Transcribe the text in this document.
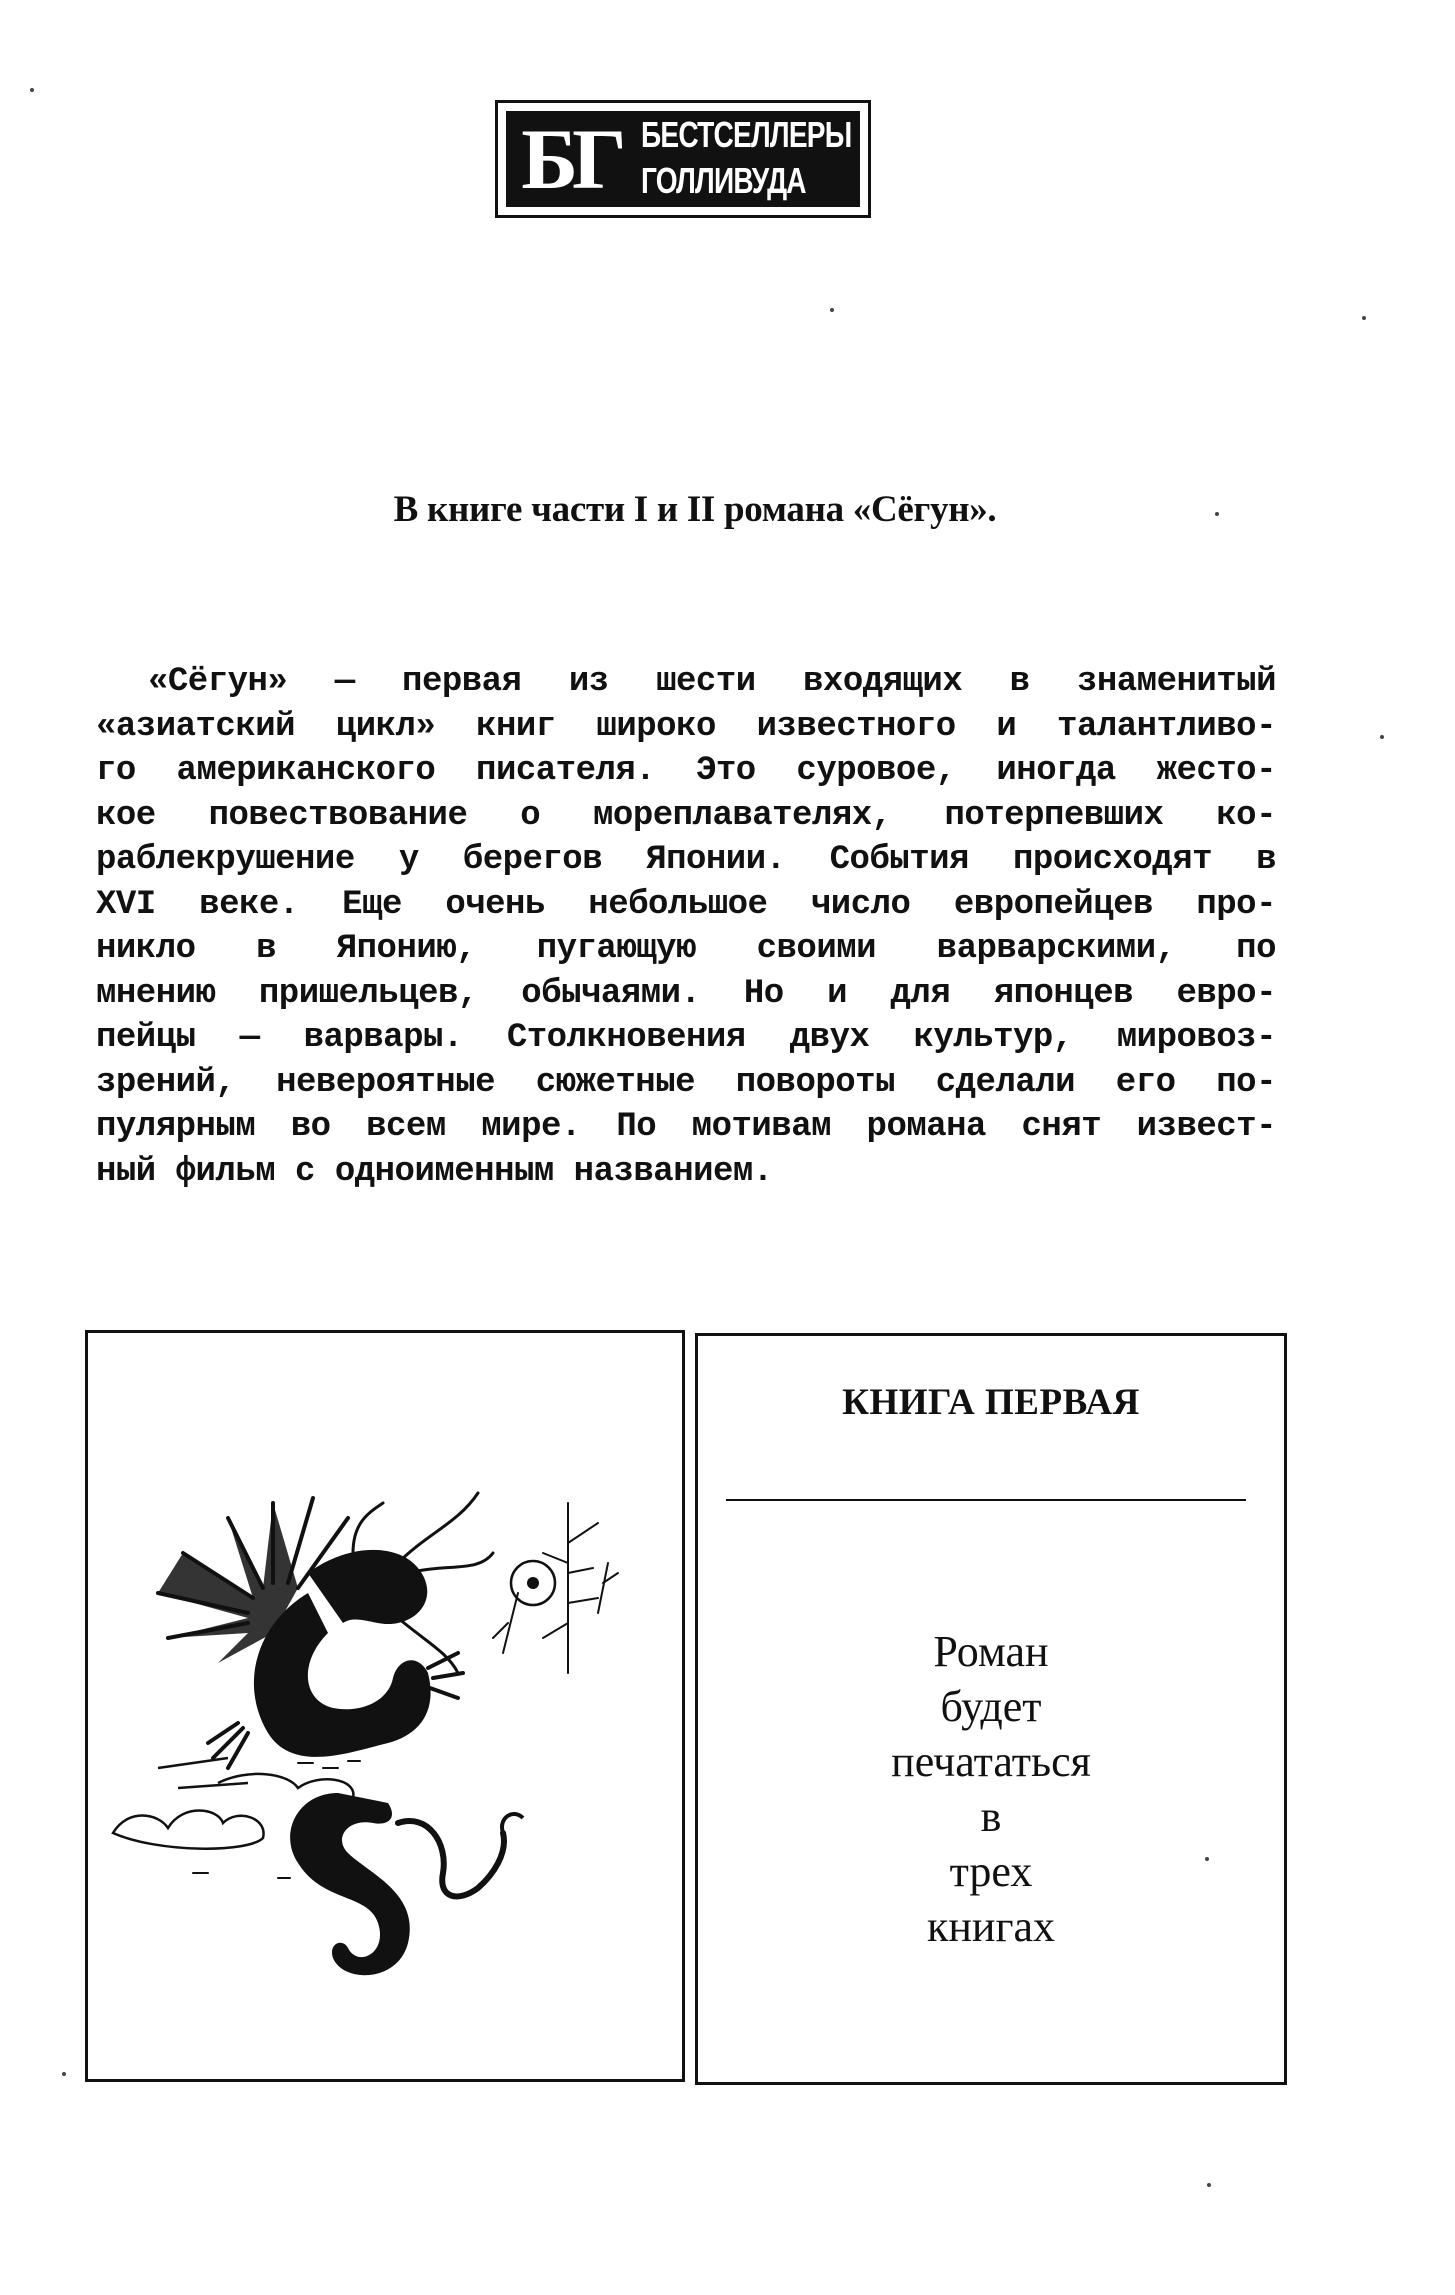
БГ БЕСТСЕЛЛЕРЫ
ГОЛЛИВУДА
В книге части I и II романа «Сёгун».
«Сёгун» — первая из шести входящих в знаменитый
«азиатский цикл» книг широко известного и талантливо-
го американского писателя. Это суровое, иногда жесто-
кое повествование о мореплавателях, потерпевших ко-
раблекрушение у берегов Японии. События происходят в
XVI веке. Еще очень небольшое число европейцев про-
никло в Японию, пугающую своими варварскими, по
мнению пришельцев, обычаями. Но и для японцев евро-
пейцы — варвары. Столкновения двух культур, мировоз-
зрений, невероятные сюжетные повороты сделали его по-
пулярным во всем мире. По мотивам романа снят извест-
ный фильм с одноименным названием.
КНИГА ПЕРВАЯ
Роман
будет
печататься
в
трех
книгах
